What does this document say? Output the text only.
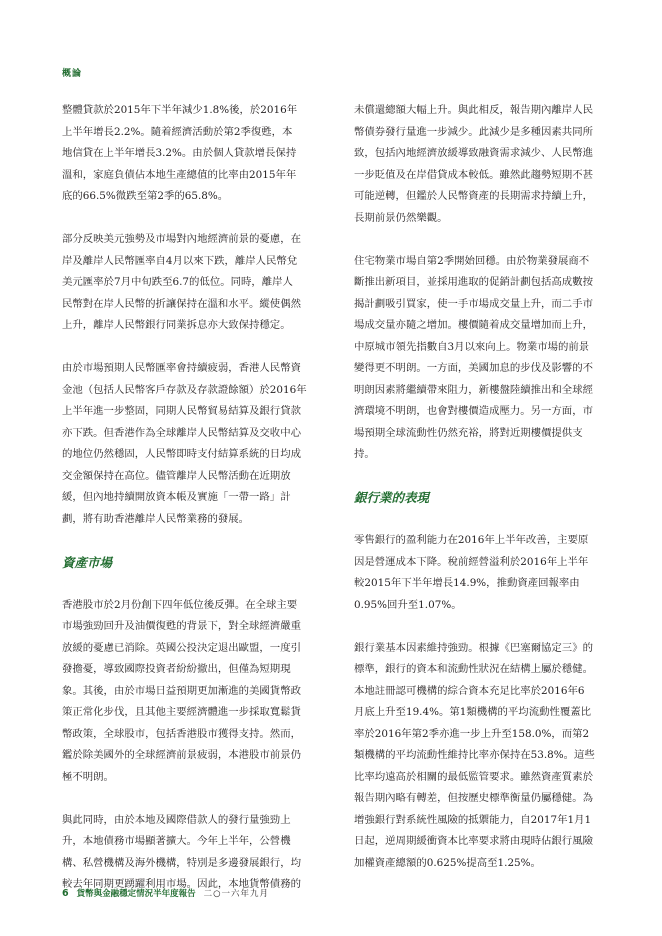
概論

整體貸款於2015年下半年減少1.8%後，於2016年
上半年增長2.2%。隨着經濟活動於第2季復甦，本
地信貸在上半年增長3.2%。由於個人貸款增長保持
溫和，家庭負債佔本地生產總值的比率由2015年年
底的66.5%微跌至第2季的65.8%。

部分反映美元強勢及市場對內地經濟前景的憂慮，在
岸及離岸人民幣匯率自4月以來下跌，離岸人民幣兌
美元匯率於7月中旬跌至6.7的低位。同時，離岸人
民幣對在岸人民幣的折讓保持在溫和水平。縱使偶然
上升，離岸人民幣銀行同業拆息亦大致保持穩定。

由於市場預期人民幣匯率會持續疲弱，香港人民幣資
金池（包括人民幣客戶存款及存款證餘額）於2016年
上半年進一步整固，同期人民幣貿易結算及銀行貸款
亦下跌。但香港作為全球離岸人民幣結算及交收中心
的地位仍然穩固，人民幣即時支付結算系統的日均成
交金額保持在高位。儘管離岸人民幣活動在近期放
緩，但內地持續開放資本帳及實施「一帶一路」計
劃，將有助香港離岸人民幣業務的發展。

資產市場

香港股市於2月份創下四年低位後反彈。在全球主要
市場強勁回升及油價復甦的背景下，對全球經濟嚴重
放緩的憂慮已消除。英國公投決定退出歐盟，一度引
發擔憂，導致國際投資者紛紛撤出，但僅為短期現
象。其後，由於市場日益預期更加漸進的美國貨幣政
策正常化步伐，且其他主要經濟體進一步採取寬鬆貨
幣政策，全球股市，包括香港股市獲得支持。然而，
鑑於除美國外的全球經濟前景疲弱，本港股市前景仍
極不明朗。

與此同時，由於本地及國際借款人的發行量強勁上
升，本地債務市場顯著擴大。今年上半年，公營機
構、私營機構及海外機構，特別是多邊發展銀行，均
較去年同期更踴躍利用市場。因此，本地貨幣債務的

未償還總額大幅上升。與此相反，報告期內離岸人民
幣債券發行量進一步減少。此減少是多種因素共同所
致，包括內地經濟放緩導致融資需求減少、人民幣進
一步貶值及在岸借貸成本較低。雖然此趨勢短期不甚
可能逆轉，但鑑於人民幣資產的長期需求持續上升，
長期前景仍然樂觀。

住宅物業市場自第2季開始回穩。由於物業發展商不
斷推出新項目，並採用進取的促銷計劃包括高成數按
揭計劃吸引買家，使一手市場成交量上升，而二手市
場成交量亦隨之增加。樓價隨着成交量增加而上升，
中原城市領先指數自3月以來向上。物業市場的前景
變得更不明朗。一方面，美國加息的步伐及影響的不
明朗因素將繼續帶來阻力，新樓盤陸續推出和全球經
濟環境不明朗，也會對樓價造成壓力。另一方面，市
場預期全球流動性仍然充裕，將對近期樓價提供支
持。

銀行業的表現

零售銀行的盈利能力在2016年上半年改善，主要原
因是營運成本下降。稅前經營溢利於2016年上半年
較2015年下半年增長14.9%，推動資產回報率由
0.95%回升至1.07%。

銀行業基本因素維持強勁。根據《巴塞爾協定三》的
標準，銀行的資本和流動性狀況在結構上屬於穩健。
本地註冊認可機構的綜合資本充足比率於2016年6
月底上升至19.4%。第1類機構的平均流動性覆蓋比
率於2016年第2季亦進一步上升至158.0%，而第2
類機構的平均流動性維持比率亦保持在53.8%。這些
比率均遠高於相關的最低監管要求。雖然資產質素於
報告期內略有轉差，但按歷史標準衡量仍屬穩健。為
增強銀行對系統性風險的抵禦能力，自2017年1月1
日起，逆周期緩衝資本比率要求將由現時佔銀行風險
加權資產總額的0.625%提高至1.25%。

6 貨幣與金融穩定情況半年度報告 二○一六年九月
